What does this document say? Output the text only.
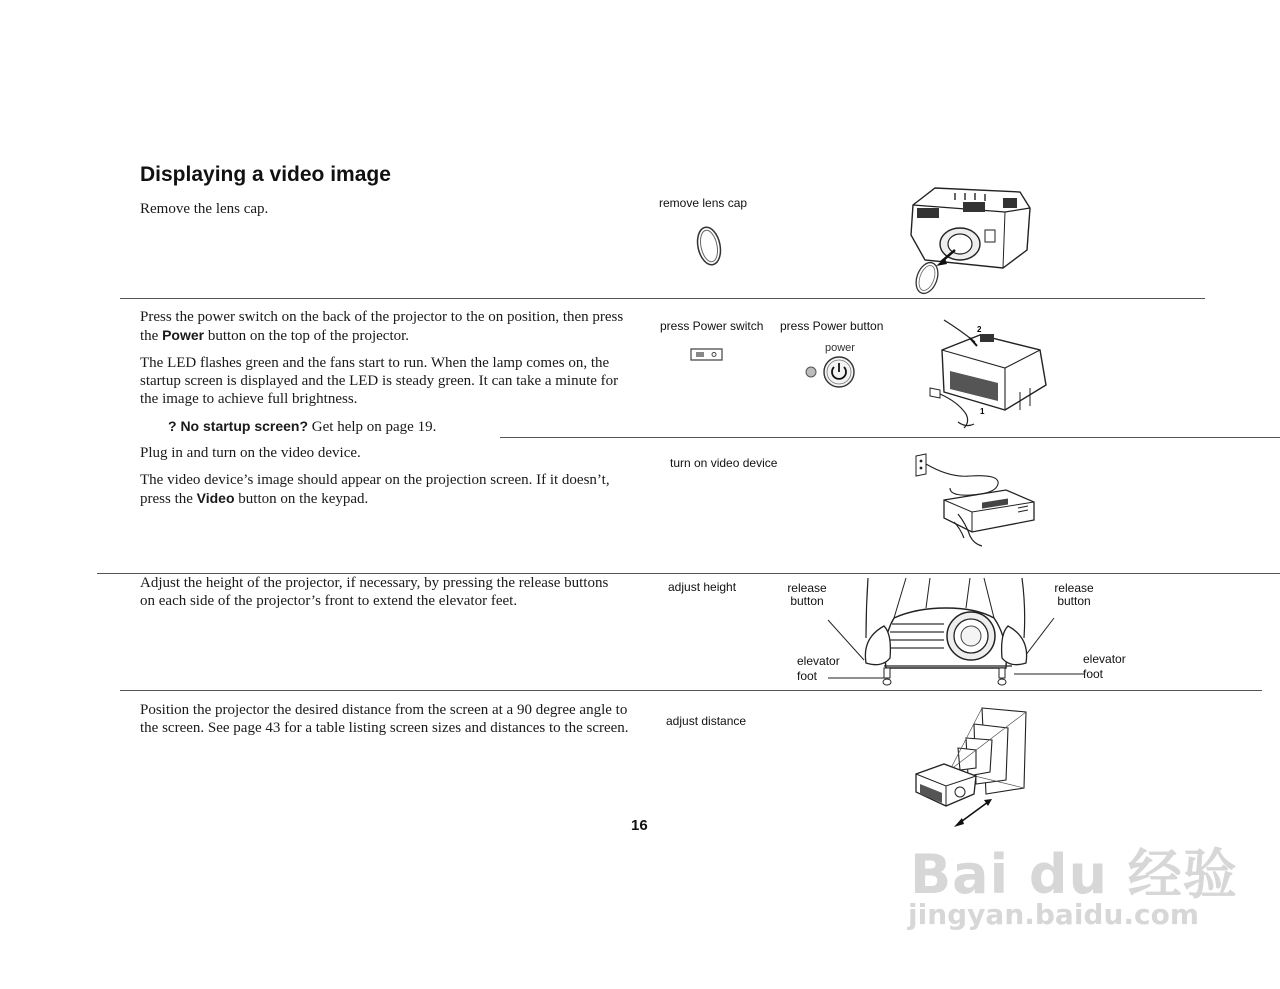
Displaying a video image

Remove the lens cap.	remove lens cap

Press the power switch on the back of the projector to the on position, then press the Power button on the top of the projector.

The LED flashes green and the fans start to run. When the lamp comes on, the startup screen is displayed and the LED is steady green. It can take a minute for the image to achieve full brightness.

? No startup screen? Get help on page 19.

press Power switch press Power button
power
2
1

Plug in and turn on the video device.

The video device’s image should appear on the projection screen. If it doesn’t, press the Video button on the keypad.

turn on video device

Adjust the height of the projector, if necessary, by pressing the release buttons on each side of the projector’s front to extend the elevator feet.

adjust height	release button
release button
elevator foot
elevator foot

Position the projector the desired distance from the screen at a 90 degree angle to the screen. See page 43 for a table listing screen sizes and distances to the screen.	adjust distance
16
Bai du 经验
jingyan.baidu.com
